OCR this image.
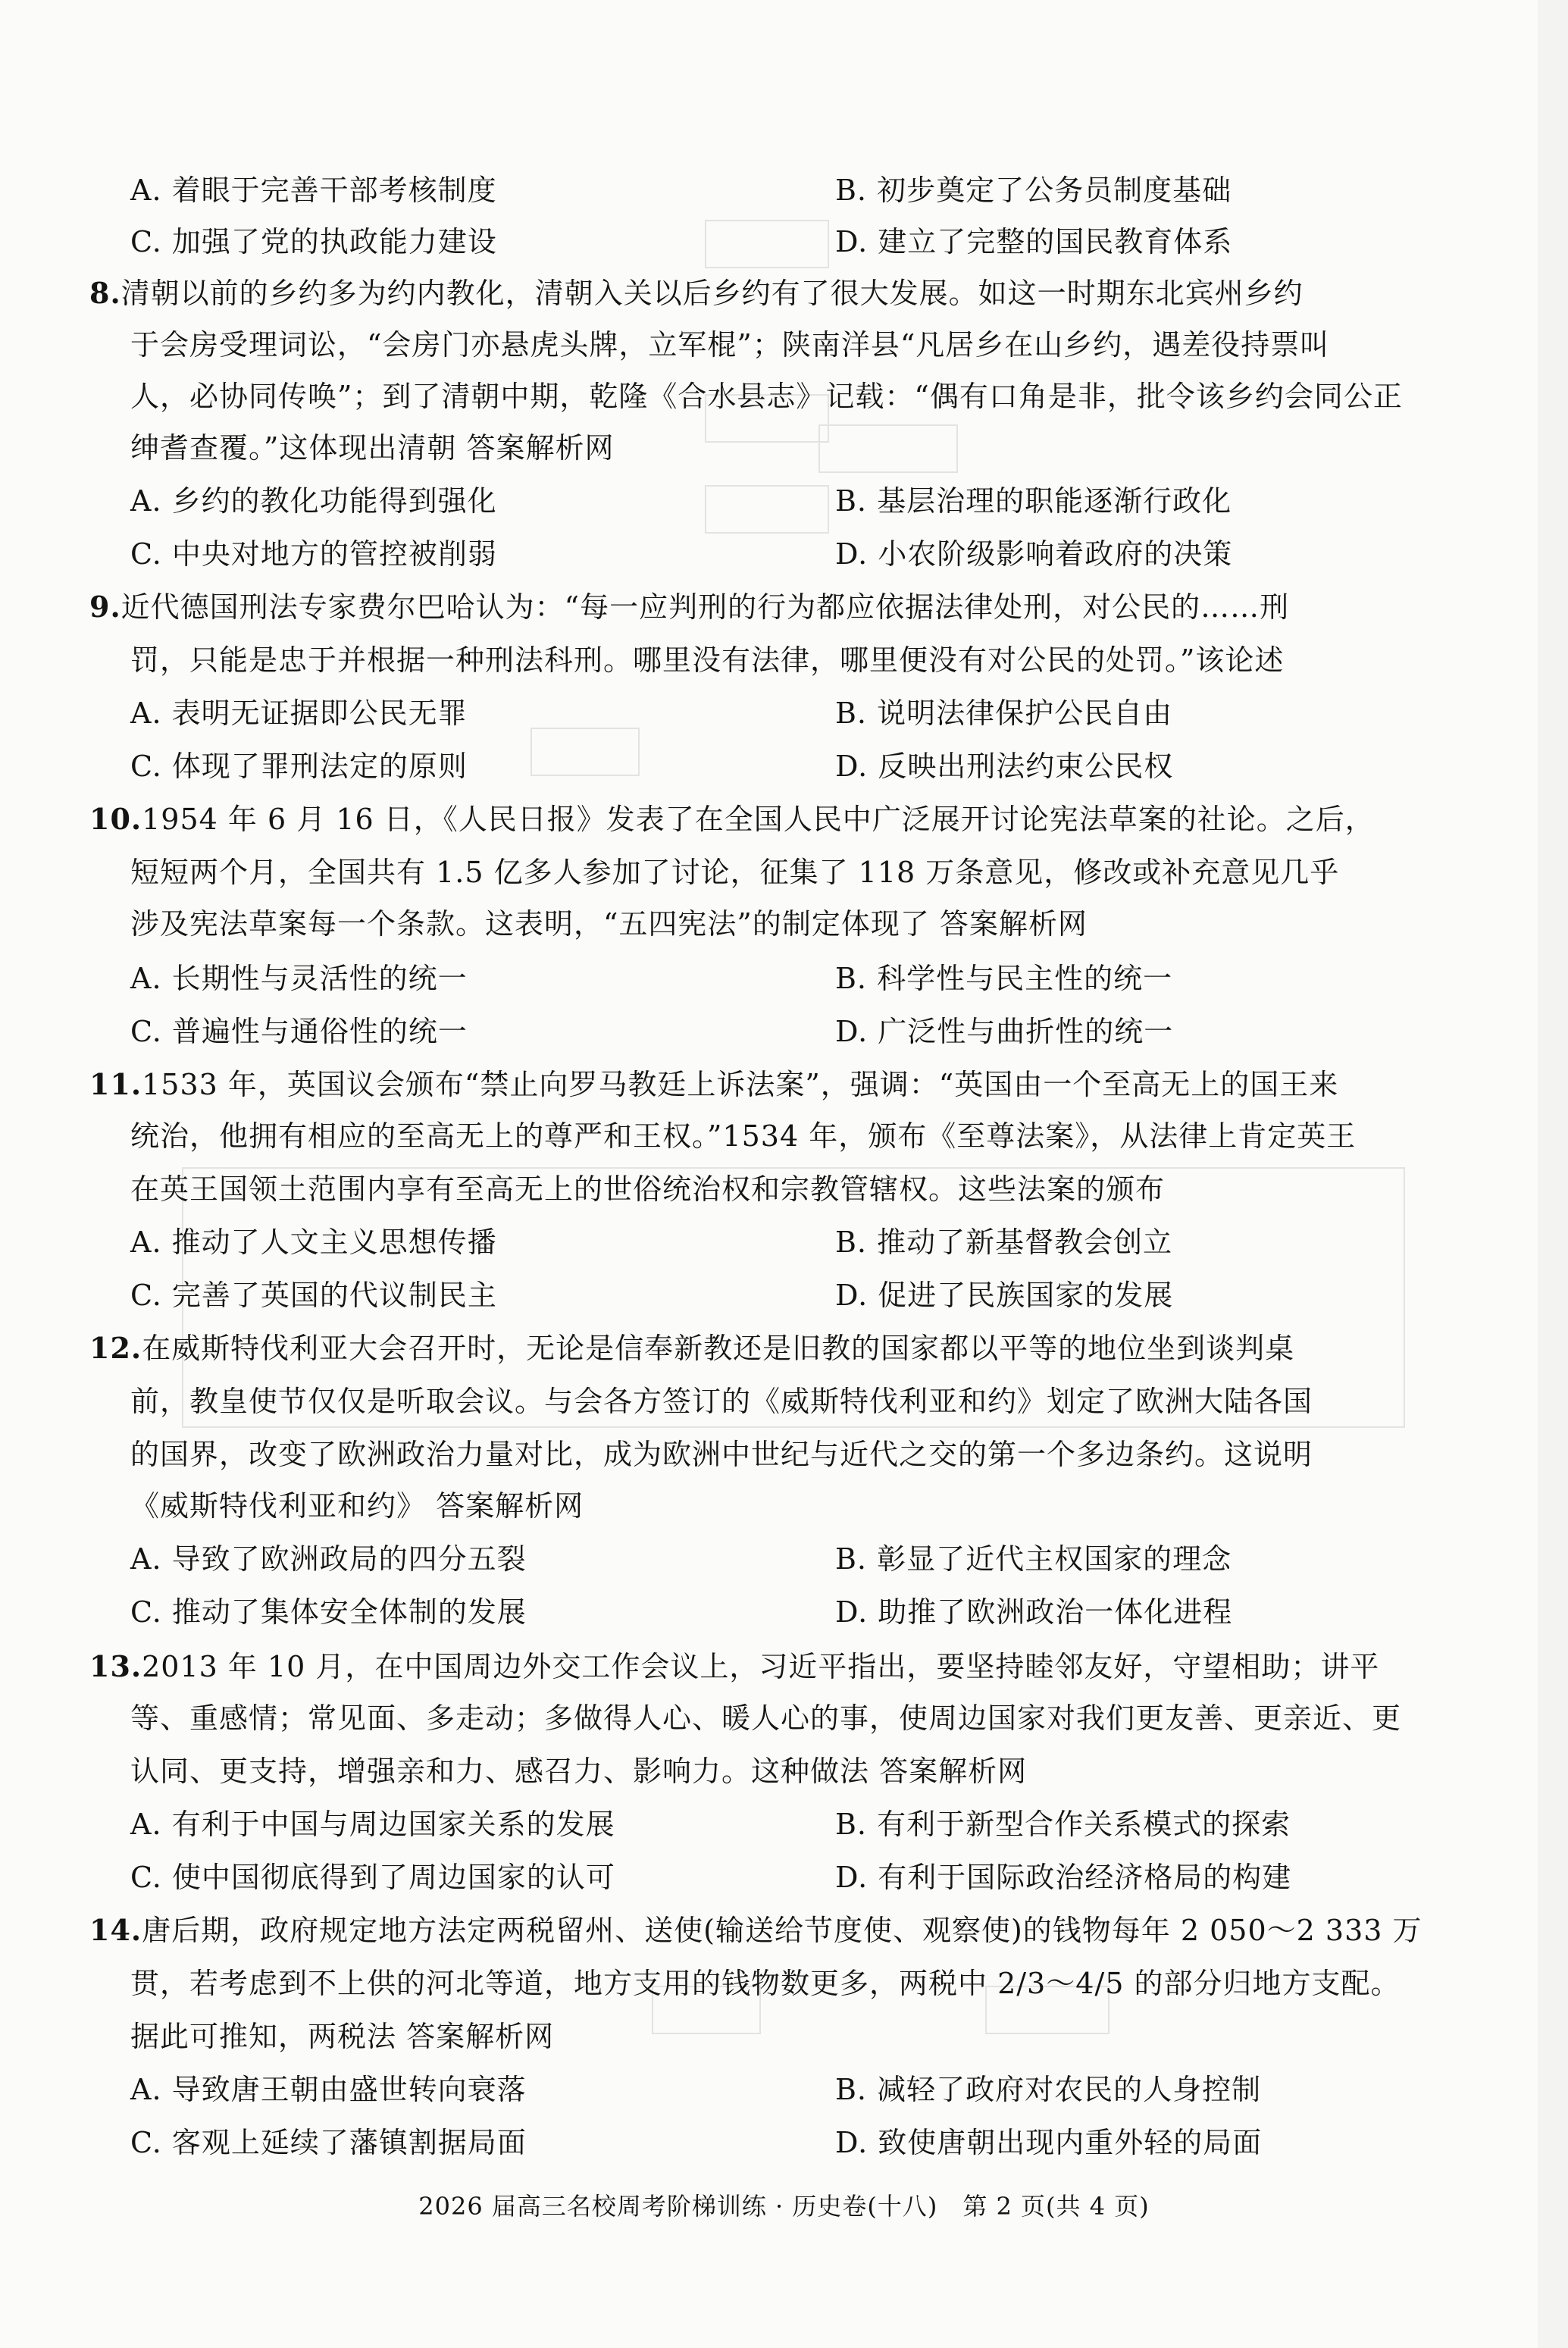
A. 着眼于完善干部考核制度	B. 初步奠定了公务员制度基础
C. 加强了党的执政能力建设	D. 建立了完整的国民教育体系
8.清朝以前的乡约多为约内教化，清朝入关以后乡约有了很大发展。如这一时期东北宾州乡约
于会房受理词讼，“会房门亦悬虎头牌，立军棍”；陕南洋县“凡居乡在山乡约，遇差役持票叫
人，必协同传唤”；到了清朝中期，乾隆《合水县志》记载：“偶有口角是非，批令该乡约会同公正
绅耆查覆。”这体现出清朝 答案解析网
A. 乡约的教化功能得到强化	B. 基层治理的职能逐渐行政化
C. 中央对地方的管控被削弱	D. 小农阶级影响着政府的决策
9.近代德国刑法专家费尔巴哈认为：“每一应判刑的行为都应依据法律处刑，对公民的……刑
罚，只能是忠于并根据一种刑法科刑。哪里没有法律，哪里便没有对公民的处罚。”该论述
A. 表明无证据即公民无罪	B. 说明法律保护公民自由
C. 体现了罪刑法定的原则	D. 反映出刑法约束公民权
10.1954 年 6 月 16 日，《人民日报》发表了在全国人民中广泛展开讨论宪法草案的社论。之后，
短短两个月，全国共有 1.5 亿多人参加了讨论，征集了 118 万条意见，修改或补充意见几乎
涉及宪法草案每一个条款。这表明，“五四宪法”的制定体现了 答案解析网
A. 长期性与灵活性的统一	B. 科学性与民主性的统一
C. 普遍性与通俗性的统一	D. 广泛性与曲折性的统一
11.1533 年，英国议会颁布“禁止向罗马教廷上诉法案”，强调：“英国由一个至高无上的国王来
统治，他拥有相应的至高无上的尊严和王权。”1534 年，颁布《至尊法案》，从法律上肯定英王
在英王国领土范围内享有至高无上的世俗统治权和宗教管辖权。这些法案的颁布
A. 推动了人文主义思想传播	B. 推动了新基督教会创立
C. 完善了英国的代议制民主	D. 促进了民族国家的发展
12.在威斯特伐利亚大会召开时，无论是信奉新教还是旧教的国家都以平等的地位坐到谈判桌
前，教皇使节仅仅是听取会议。与会各方签订的《威斯特伐利亚和约》划定了欧洲大陆各国
的国界，改变了欧洲政治力量对比，成为欧洲中世纪与近代之交的第一个多边条约。这说明
《威斯特伐利亚和约》 答案解析网
A. 导致了欧洲政局的四分五裂	B. 彰显了近代主权国家的理念
C. 推动了集体安全体制的发展	D. 助推了欧洲政治一体化进程
13.2013 年 10 月，在中国周边外交工作会议上，习近平指出，要坚持睦邻友好，守望相助；讲平
等、重感情；常见面、多走动；多做得人心、暖人心的事，使周边国家对我们更友善、更亲近、更
认同、更支持，增强亲和力、感召力、影响力。这种做法 答案解析网
A. 有利于中国与周边国家关系的发展	B. 有利于新型合作关系模式的探索
C. 使中国彻底得到了周边国家的认可	D. 有利于国际政治经济格局的构建
14.唐后期，政府规定地方法定两税留州、送使(输送给节度使、观察使)的钱物每年 2 050～2 333 万
贯，若考虑到不上供的河北等道，地方支用的钱物数更多，两税中 2/3～4/5 的部分归地方支配。
据此可推知，两税法 答案解析网
A. 导致唐王朝由盛世转向衰落	B. 减轻了政府对农民的人身控制
C. 客观上延续了藩镇割据局面	D. 致使唐朝出现内重外轻的局面
2026 届高三名校周考阶梯训练 · 历史卷(十八)　第 2 页(共 4 页)
